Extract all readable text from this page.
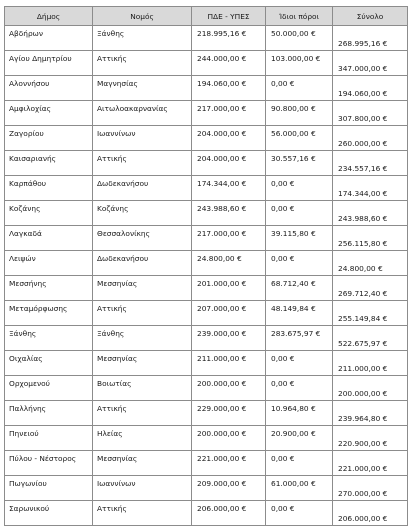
Δήμος	Νομός	ΠΔΕ - ΥΠΕΣ	Ίδιοι πόροι	Σύνολο
Αβδήρων	Ξάνθης	218.995,16 €	50.000,00 €	268.995,16 €
Αγίου Δημητρίου	Αττικής	244.000,00 €	103.000,00 €	347.000,00 €
Αλοννήσου	Μαγνησίας	194.060,00 €	0,00 €	194.060,00 €
Αμφιλοχίας	Αιτωλοακαρνανίας	217.000,00 €	90.800,00 €	307.800,00 €
Ζαγορίου	Ιωαννίνων	204.000,00 €	56.000,00 €	260.000,00 €
Καισαριανής	Αττικής	204.000,00 €	30.557,16 €	234.557,16 €
Καρπάθου	Δωδεκανήσου	174.344,00 €	0,00 €	174.344,00 €
Κοζάνης	Κοζάνης	243.988,60 €	0,00 €	243.988,60 €
Λαγκαδά	Θεσσαλονίκης	217.000,00 €	39.115,80 €	256.115,80 €
Λειψών	Δωδεκανήσου	24.800,00 €	0,00 €	24.800,00 €
Μεσσήνης	Μεσσηνίας	201.000,00 €	68.712,40 €	269.712,40 €
Μεταμόρφωσης	Αττικής	207.000,00 €	48.149,84 €	255.149,84 €
Ξάνθης	Ξάνθης	239.000,00 €	283.675,97 €	522.675,97 €
Οιχαλίας	Μεσσηνίας	211.000,00 €	0,00 €	211.000,00 €
Ορχομενού	Βοιωτίας	200.000,00 €	0,00 €	200.000,00 €
Παλλήνης	Αττικής	229.000,00 €	10.964,80 €	239.964,80 €
Πηνειού	Ηλείας	200.000,00 €	20.900,00 €	220.900,00 €
Πύλου - Νέστορος	Μεσσηνίας	221.000,00 €	0,00 €	221.000,00 €
Πωγωνίου	Ιωαννίνων	209.000,00 €	61.000,00 €	270.000,00 €
Σαρωνικού	Αττικής	206.000,00 €	0,00 €	206.000,00 €
